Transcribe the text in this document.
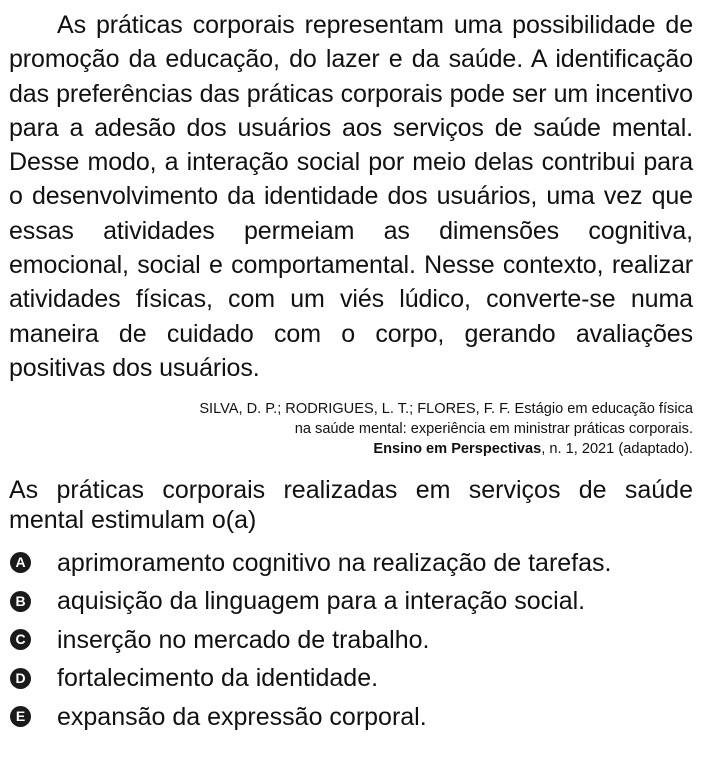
As práticas corporais representam uma possibilidade de promoção da educação, do lazer e da saúde. A identificação das preferências das práticas corporais pode ser um incentivo para a adesão dos usuários aos serviços de saúde mental. Desse modo, a interação social por meio delas contribui para o desenvolvimento da identidade dos usuários, uma vez que essas atividades permeiam as dimensões cognitiva, emocional, social e comportamental. Nesse contexto, realizar atividades físicas, com um viés lúdico, converte-se numa maneira de cuidado com o corpo, gerando avaliações positivas dos usuários.

SILVA, D. P.; RODRIGUES, L. T.; FLORES, F. F. Estágio em educação física
na saúde mental: experiência em ministrar práticas corporais.
Ensino em Perspectivas, n. 1, 2021 (adaptado).

As práticas corporais realizadas em serviços de saúde mental estimulam o(a)

A aprimoramento cognitivo na realização de tarefas.
B aquisição da linguagem para a interação social.
C inserção no mercado de trabalho.
D fortalecimento da identidade.
E expansão da expressão corporal.
